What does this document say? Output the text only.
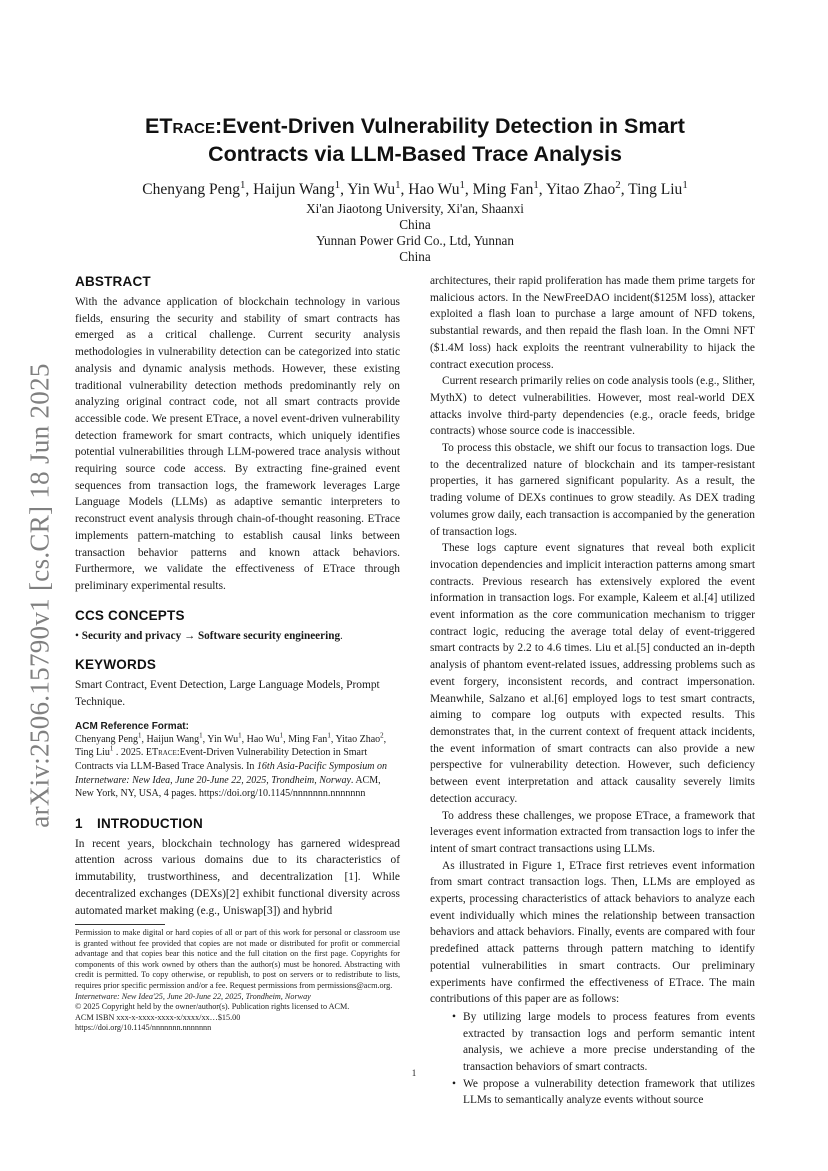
arXiv:2506.15790v1 [cs.CR] 18 Jun 2025
ETrace:Event-Driven Vulnerability Detection in Smart
Contracts via LLM-Based Trace Analysis
Chenyang Peng$^1$, Haijun Wang$^1$, Yin Wu$^1$, Hao Wu$^1$, Ming Fan$^1$, Yitao Zhao$^2$, Ting Liu$^1$
Xi'an Jiaotong University, Xi'an, Shaanxi
China
Yunnan Power Grid Co., Ltd, Yunnan
China
ABSTRACT

With the advance application of blockchain technology in various fields, ensuring the security and stability of smart contracts has emerged as a critical challenge. Current security analysis methodologies in vulnerability detection can be categorized into static analysis and dynamic analysis methods. However, these existing traditional vulnerability detection methods predominantly rely on analyzing original contract code, not all smart contracts provide accessible code. We present ETrace, a novel event-driven vulnerability detection framework for smart contracts, which uniquely identifies potential vulnerabilities through LLM-powered trace analysis without requiring source code access. By extracting fine-grained event sequences from transaction logs, the framework leverages Large Language Models (LLMs) as adaptive semantic interpreters to reconstruct event analysis through chain-of-thought reasoning. ETrace implements pattern-matching to establish causal links between transaction behavior patterns and known attack behaviors. Furthermore, we validate the effectiveness of ETrace through preliminary experimental results.

CCS CONCEPTS

• Security and privacy → Software security engineering.

KEYWORDS

Smart Contract, Event Detection, Large Language Models, Prompt Technique.

ACM Reference Format:

Chenyang Peng$^1$, Haijun Wang$^1$, Yin Wu$^1$, Hao Wu$^1$, Ming Fan$^1$, Yitao Zhao$^2$, Ting Liu$^1$ . 2025. ETrace:Event-Driven Vulnerability Detection in Smart Contracts via LLM-Based Trace Analysis. In 16th Asia-Pacific Symposium on Internetware: New Idea, June 20-June 22, 2025, Trondheim, Norway. ACM, New York, NY, USA, 4 pages. https://doi.org/10.1145/nnnnnnn.nnnnnnn

1 INTRODUCTION

In recent years, blockchain technology has garnered widespread attention across various domains due to its characteristics of immutability, trustworthiness, and decentralization [1]. While decentralized exchanges (DEXs)[2] exhibit functional diversity across automated market making (e.g., Uniswap[3]) and hybrid

Permission to make digital or hard copies of all or part of this work for personal or classroom use is granted without fee provided that copies are not made or distributed for profit or commercial advantage and that copies bear this notice and the full citation on the first page. Copyrights for components of this work owned by others than the author(s) must be honored. Abstracting with credit is permitted. To copy otherwise, or republish, to post on servers or to redistribute to lists, requires prior specific permission and/or a fee. Request permissions from permissions@acm.org.

Internetware: New Idea'25, June 20-June 22, 2025, Trondheim, Norway

© 2025 Copyright held by the owner/author(s). Publication rights licensed to ACM.

ACM ISBN xxx-x-xxxx-xxxx-x/xxxx/xx…$15.00

https://doi.org/10.1145/nnnnnnn.nnnnnnn

architectures, their rapid proliferation has made them prime targets for malicious actors. In the NewFreeDAO incident($125M loss), attacker exploited a flash loan to purchase a large amount of NFD tokens, substantial rewards, and then repaid the flash loan. In the Omni NFT ($1.4M loss) hack exploits the reentrant vulnerability to hijack the contract execution process.

Current research primarily relies on code analysis tools (e.g., Slither, MythX) to detect vulnerabilities. However, most real-world DEX attacks involve third-party dependencies (e.g., oracle feeds, bridge contracts) whose source code is inaccessible.

To process this obstacle, we shift our focus to transaction logs. Due to the decentralized nature of blockchain and its tamper-resistant properties, it has garnered significant popularity. As a result, the trading volume of DEXs continues to grow steadily. As DEX trading volumes grow daily, each transaction is accompanied by the generation of transaction logs.

These logs capture event signatures that reveal both explicit invocation dependencies and implicit interaction patterns among smart contracts. Previous research has extensively explored the event information in transaction logs. For example, Kaleem et al.[4] utilized event information as the core communication mechanism to trigger contract logic, reducing the average total delay of event-triggered smart contracts by 2.2 to 4.6 times. Liu et al.[5] conducted an in-depth analysis of phantom event-related issues, addressing problems such as event forgery, inconsistent records, and contract impersonation. Meanwhile, Salzano et al.[6] employed logs to test smart contracts, aiming to compare log outputs with expected results. This demonstrates that, in the current context of frequent attack incidents, the event information of smart contracts can also provide a new perspective for vulnerability detection. However, such deficiency between event interpretation and attack causality severely limits detection accuracy.

To address these challenges, we propose ETrace, a framework that leverages event information extracted from transaction logs to infer the intent of smart contract transactions using LLMs.

As illustrated in Figure 1, ETrace first retrieves event information from smart contract transaction logs. Then, LLMs are employed as experts, processing characteristics of attack behaviors to analyze each event individually which mines the relationship between transaction behaviors and attack behaviors. Finally, events are compared with four predefined attack patterns through pattern matching to identify potential vulnerabilities in smart contracts. Our preliminary experiments have confirmed the effectiveness of ETrace. The main contributions of this paper are as follows:

• By utilizing large models to process features from events extracted by transaction logs and perform semantic intent analysis, we achieve a more precise understanding of the transaction behaviors of smart contracts.
• We propose a vulnerability detection framework that utilizes LLMs to semantically analyze events without source
1
